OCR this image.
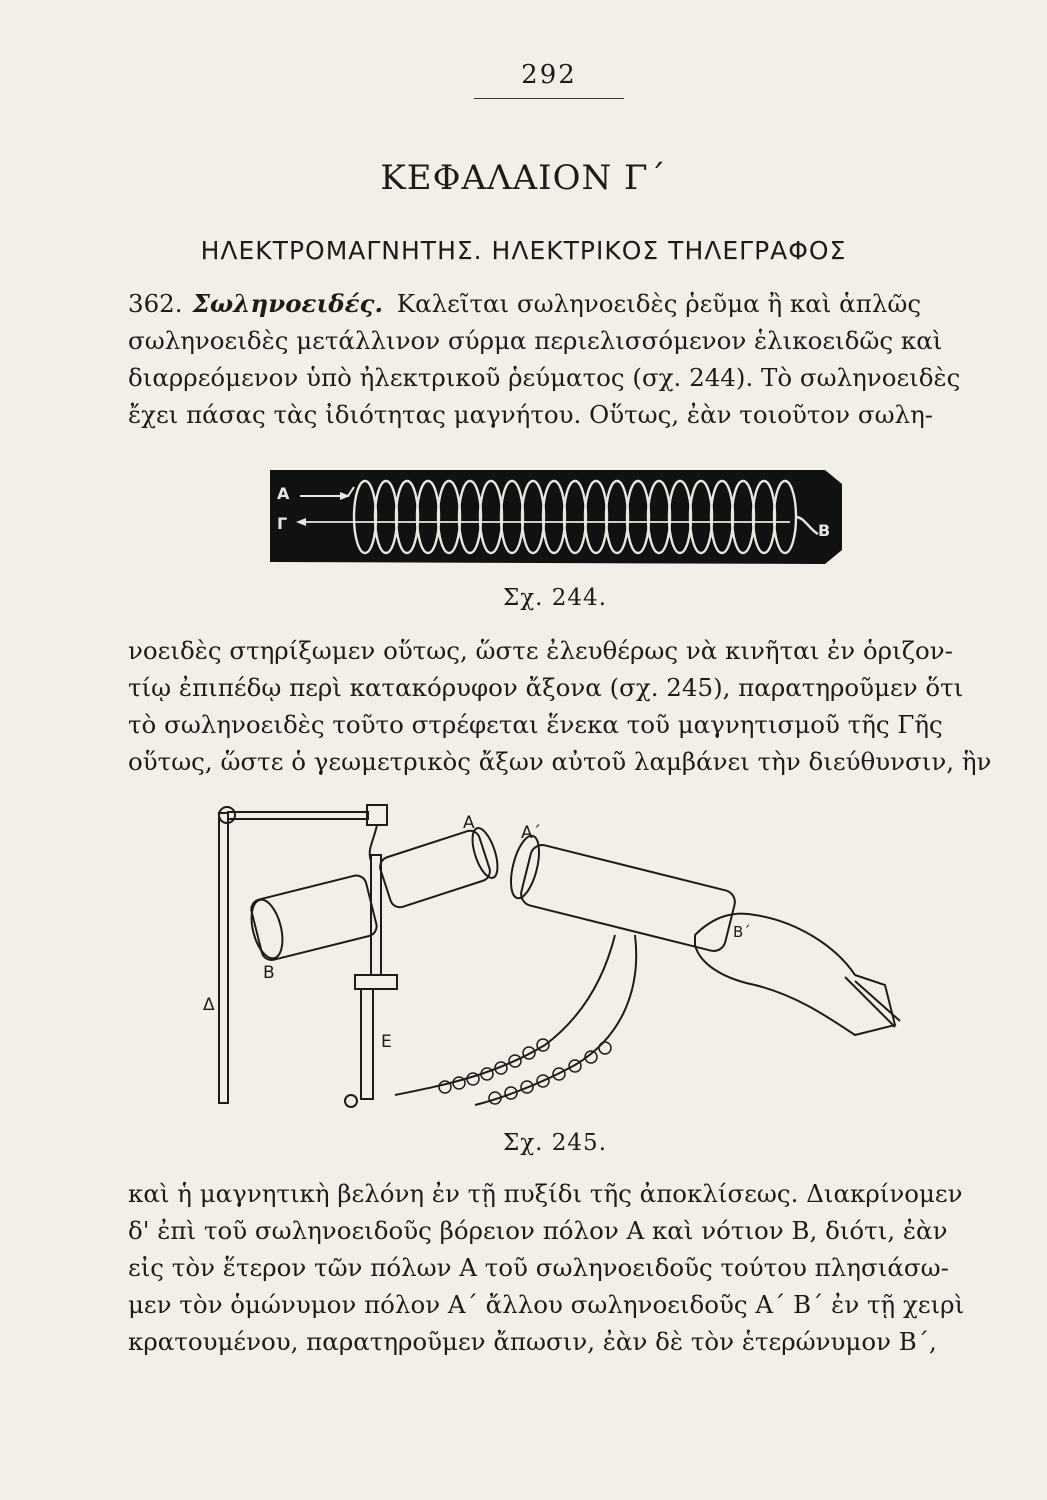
292
ΚΕΦΑΛΑΙΟΝ Γ΄
ΗΛΕΚΤΡΟΜΑΓΝΗΤΗΣ. ΗΛΕΚΤΡΙΚΟΣ ΤΗΛΕΓΡΑΦΟΣ
362. Σωληνοειδές. Καλεῖται σωληνοειδὲς ῥεῦμα ἢ καὶ ἁπλῶς
σωληνοειδὲς μετάλλινον σύρμα περιελισσόμενον ἑλικοειδῶς καὶ
διαρρεόμενον ὑπὸ ἠλεκτρικοῦ ῥεύματος (σχ. 244). Τὸ σωληνοειδὲς
ἔχει πάσας τὰς ἰδιότητας μαγνήτου. Οὕτως, ἐὰν τοιοῦτον σωλη-
Α
Γ	Β
Σχ. 244.
νοειδὲς στηρίξωμεν οὕτως, ὥστε ἐλευθέρως νὰ κινῆται ἐν ὁριζον-
τίῳ ἐπιπέδῳ περὶ κατακόρυφον ἄξονα (σχ. 245), παρατηροῦμεν ὅτι
τὸ σωληνοειδὲς τοῦτο στρέφεται ἕνεκα τοῦ μαγνητισμοῦ τῆς Γῆς
οὕτως, ὥστε ὁ γεωμετρικὸς ἄξων αὐτοῦ λαμβάνει τὴν διεύθυνσιν, ἣν
Α	Α΄
Β
Β΄
Δ
Ε
Σχ. 245.
καὶ ἡ μαγνητικὴ βελόνη ἐν τῇ πυξίδι τῆς ἀποκλίσεως. Διακρίνομεν
δ' ἐπὶ τοῦ σωληνοειδοῦς βόρειον πόλον Α καὶ νότιον Β, διότι, ἐὰν
εἰς τὸν ἕτερον τῶν πόλων Α τοῦ σωληνοειδοῦς τούτου πλησιάσω-
μεν τὸν ὁμώνυμον πόλον Α΄ ἄλλου σωληνοειδοῦς Α΄ Β΄ ἐν τῇ χειρὶ
κρατουμένου, παρατηροῦμεν ἄπωσιν, ἐὰν δὲ τὸν ἑτερώνυμον Β΄,
